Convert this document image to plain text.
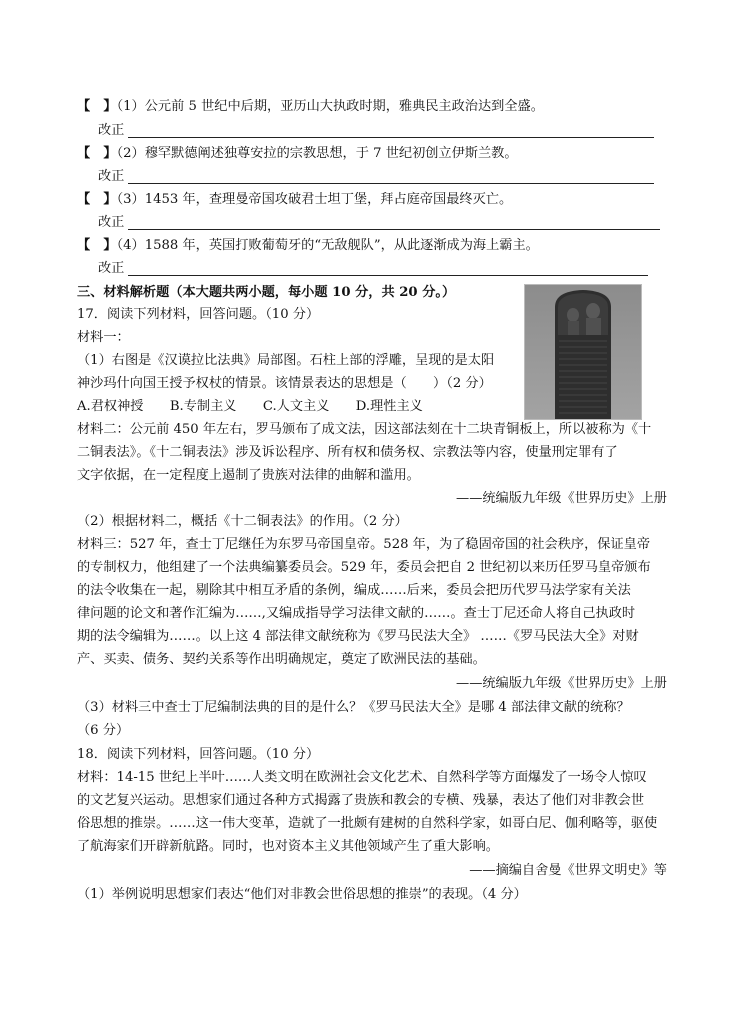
【　】（1）公元前 5 世纪中后期，亚历山大执政时期，雅典民主政治达到全盛。
改正
【　】（2）穆罕默德阐述独尊安拉的宗教思想，于 7 世纪初创立伊斯兰教。
改正
【　】（3）1453 年，查理曼帝国攻破君士坦丁堡，拜占庭帝国最终灭亡。
改正
【　】（4）1588 年，英国打败葡萄牙的“无敌舰队”，从此逐渐成为海上霸主。
改正
三、材料解析题（本大题共两小题，每小题 10 分，共 20 分。）
17．阅读下列材料，回答问题。（10 分）
材料一：
（1）右图是《汉谟拉比法典》局部图。石柱上部的浮雕，呈现的是太阳
神沙玛什向国王授予权杖的情景。该情景表达的思想是（　　）（2 分）
A.君权神授　　B.专制主义　　C.人文主义　　D.理性主义
材料二：公元前 450 年左右，罗马颁布了成文法，因这部法刻在十二块青铜板上，所以被称为《十
二铜表法》。《十二铜表法》涉及诉讼程序、所有权和债务权、宗教法等内容，使量刑定罪有了
文字依据，在一定程度上遏制了贵族对法律的曲解和滥用。
——统编版九年级《世界历史》上册
（2）根据材料二，概括《十二铜表法》的作用。（2 分）
材料三：527 年，查士丁尼继任为东罗马帝国皇帝。528 年，为了稳固帝国的社会秩序，保证皇帝
的专制权力，他组建了一个法典编纂委员会。529 年，委员会把自 2 世纪初以来历任罗马皇帝颁布
的法令收集在一起，剔除其中相互矛盾的条例，编成……后来，委员会把历代罗马法学家有关法
律问题的论文和著作汇编为……,又编成指导学习法律文献的……。查士丁尼还命人将自己执政时
期的法令编辑为……。以上这 4 部法律文献统称为《罗马民法大全》 ……《罗马民法大全》对财
产、买卖、债务、契约关系等作出明确规定，奠定了欧洲民法的基础。
——统编版九年级《世界历史》上册
（3）材料三中查士丁尼编制法典的目的是什么？《罗马民法大全》是哪 4 部法律文献的统称？
（6 分）
18．阅读下列材料，回答问题。（10 分）
材料：14-15 世纪上半叶……人类文明在欧洲社会文化艺术、自然科学等方面爆发了一场令人惊叹
的文艺复兴运动。思想家们通过各种方式揭露了贵族和教会的专横、残暴，表达了他们对非教会世
俗思想的推崇。……这一伟大变革，造就了一批颇有建树的自然科学家，如哥白尼、伽利略等，驱使
了航海家们开辟新航路。同时，也对资本主义其他领域产生了重大影响。
——摘编自舍曼《世界文明史》等
（1）举例说明思想家们表达“他们对非教会世俗思想的推崇”的表现。（4 分）
